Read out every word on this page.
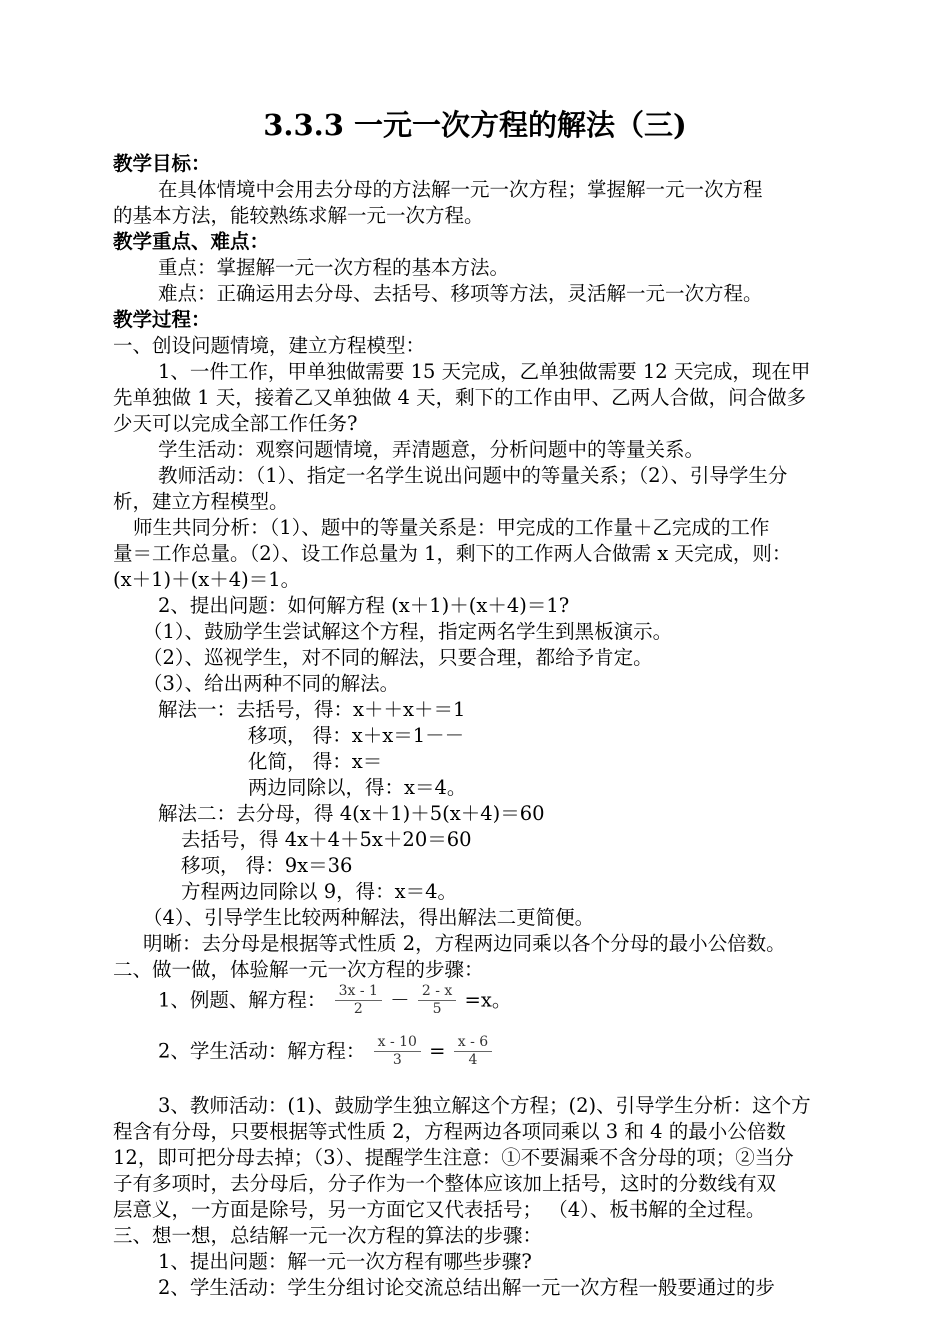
3.3.3 一元一次方程的解法（三)

教学目标：

在具体情境中会用去分母的方法解一元一次方程；掌握解一元一次方程

的基本方法，能较熟练求解一元一次方程。

教学重点、难点：

重点：掌握解一元一次方程的基本方法。

难点：正确运用去分母、去括号、移项等方法，灵活解一元一次方程。

教学过程：

一、创设问题情境，建立方程模型：

1、一件工作，甲单独做需要 15 天完成，乙单独做需要 12 天完成，现在甲

先单独做 1 天，接着乙又单独做 4 天，剩下的工作由甲、乙两人合做，问合做多

少天可以完成全部工作任务?

学生活动：观察问题情境，弄清题意，分析问题中的等量关系。

教师活动：（1）、指定一名学生说出问题中的等量关系；（2）、引导学生分

析，建立方程模型。

师生共同分析：（1）、题中的等量关系是：甲完成的工作量＋乙完成的工作

量＝工作总量。（2）、设工作总量为 1，剩下的工作两人合做需 x 天完成，则：

(x＋1)＋(x＋4)＝1。

2、提出问题：如何解方程 (x＋1)＋(x＋4)＝1?

（1）、鼓励学生尝试解这个方程，指定两名学生到黑板演示。

（2）、巡视学生，对不同的解法，只要合理，都给予肯定。

（3）、给出两种不同的解法。

解法一：去括号，得：x＋＋x＋＝1

移项， 得：x＋x＝1－－

化简， 得：x＝

两边同除以，得：x＝4。

解法二：去分母，得 4(x＋1)＋5(x＋4)＝60

去括号，得 4x＋4＋5x＋20＝60

移项， 得：9x＝36

方程两边同除以 9，得：x＝4。

（4）、引导学生比较两种解法，得出解法二更简便。

明晰：去分母是根据等式性质 2，方程两边同乘以各个分母的最小公倍数。

二、做一做，体验解一元一次方程的步骤：

1、例题、解方程： $\frac{3x - 1}{2} - \frac{2 - x}{5} =x$。
2、学生活动：解方程： $\frac{x - 10}{3} = \frac{x - 6}{4}$

3、教师活动：(1)、鼓励学生独立解这个方程；(2)、引导学生分析：这个方

程含有分母，只要根据等式性质 2，方程两边各项同乘以 3 和 4 的最小公倍数

12，即可把分母去掉；（3）、提醒学生注意：①不要漏乘不含分母的项；②当分

子有多项时，去分母后，分子作为一个整体应该加上括号，这时的分数线有双

层意义，一方面是除号，另一方面它又代表括号； （4）、板书解的全过程。

三、想一想，总结解一元一次方程的算法的步骤：

1、提出问题：解一元一次方程有哪些步骤?

2、学生活动：学生分组讨论交流总结出解一元一次方程一般要通过的步
